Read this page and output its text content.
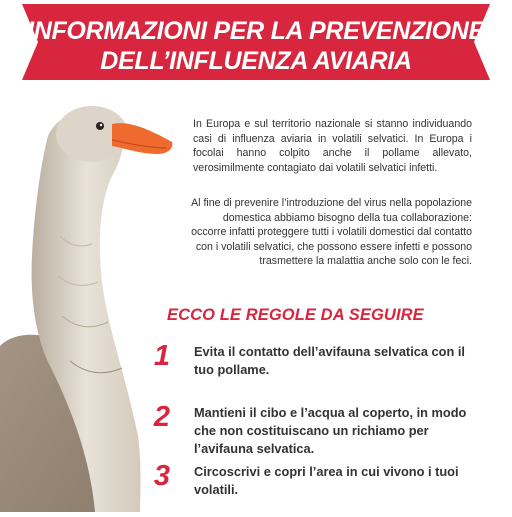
INFORMAZIONI PER LA PREVENZIONE
DELL’INFLUENZA AVIARIA
In Europa e sul territorio nazionale si stanno individuando casi di influenza aviaria in volatili selvatici. In Europa i focolai hanno colpito anche il pollame allevato, verosimilmente contagiato dai volatili selvatici infetti.
Al fine di prevenire l’introduzione del virus nella popolazione domestica abbiamo bisogno della tua collaborazione: occorre infatti proteggere tutti i volatili domestici dal contatto con i volatili selvatici, che possono essere infetti e possono trasmettere la malattia anche solo con le feci.
ECCO LE REGOLE DA SEGUIRE
1	Evita il contatto dell’avifauna selvatica con il tuo pollame.
2	Mantieni il cibo e l’acqua al coperto, in modo che non costituiscano un richiamo per l’avifauna selvatica.
3	Circoscrivi e copri l’area in cui vivono i tuoi volatili.
